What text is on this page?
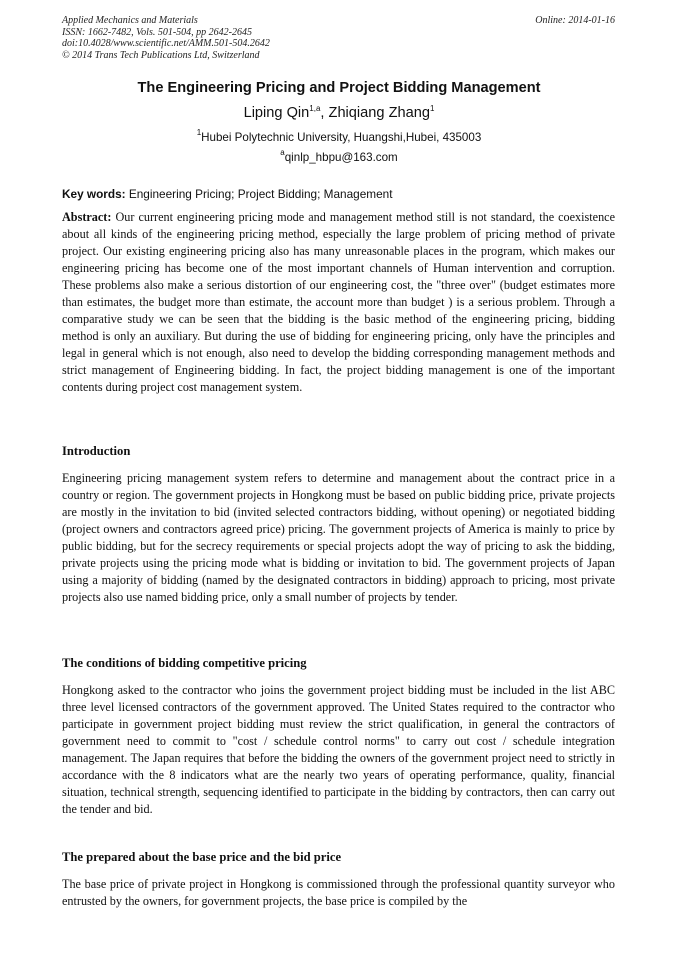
Applied Mechanics and Materials
ISSN: 1662-7482, Vols. 501-504, pp 2642-2645
doi:10.4028/www.scientific.net/AMM.501-504.2642
© 2014 Trans Tech Publications Ltd, Switzerland
Online: 2014-01-16
The Engineering Pricing and Project Bidding Management
Liping Qin$^{1,a}$, Zhiqiang Zhang$^1$
$^1$Hubei Polytechnic University, Huangshi,Hubei, 435003
$^a$qinlp_hbpu@163.com
Key words: Engineering Pricing; Project Bidding; Management
Abstract: Our current engineering pricing mode and management method still is not standard, the coexistence about all kinds of the engineering pricing method, especially the large problem of pricing method of private project. Our existing engineering pricing also has many unreasonable places in the program, which makes our engineering pricing has become one of the most important channels of Human intervention and corruption. These problems also make a serious distortion of our engineering cost, the "three over" (budget estimates more than estimates, the budget more than estimate, the account more than budget ) is a serious problem. Through a comparative study we can be seen that the bidding is the basic method of the engineering pricing, bidding method is only an auxiliary. But during the use of bidding for engineering pricing, only have the principles and legal in general which is not enough, also need to develop the bidding corresponding management methods and strict management of Engineering bidding. In fact, the project bidding management is one of the important contents during project cost management system.
Introduction
Engineering pricing management system refers to determine and management about the contract price in a country or region. The government projects in Hongkong must be based on public bidding price, private projects are mostly in the invitation to bid (invited selected contractors bidding, without opening) or negotiated bidding (project owners and contractors agreed price) pricing. The government projects of America is mainly to price by public bidding, but for the secrecy requirements or special projects adopt the way of pricing to ask the bidding, private projects using the pricing mode what is bidding or invitation to bid. The government projects of Japan using a majority of bidding (named by the designated contractors in bidding) approach to pricing, most private projects also use named bidding price, only a small number of projects by tender.
The conditions of bidding competitive pricing
Hongkong asked to the contractor who joins the government project bidding must be included in the list ABC three level licensed contractors of the government approved. The United States required to the contractor who participate in government project bidding must review the strict qualification, in general the contractors of government need to commit to "cost / schedule control norms" to carry out cost / schedule integration management. The Japan requires that before the bidding the owners of the government project need to strictly in accordance with the 8 indicators what are the nearly two years of operating performance, quality, financial situation, technical strength, sequencing identified to participate in the bidding by contractors, then can carry out the tender and bid.
The prepared about the base price and the bid price
The base price of private project in Hongkong is commissioned through the professional quantity surveyor who entrusted by the owners, for government projects, the base price is compiled by the
